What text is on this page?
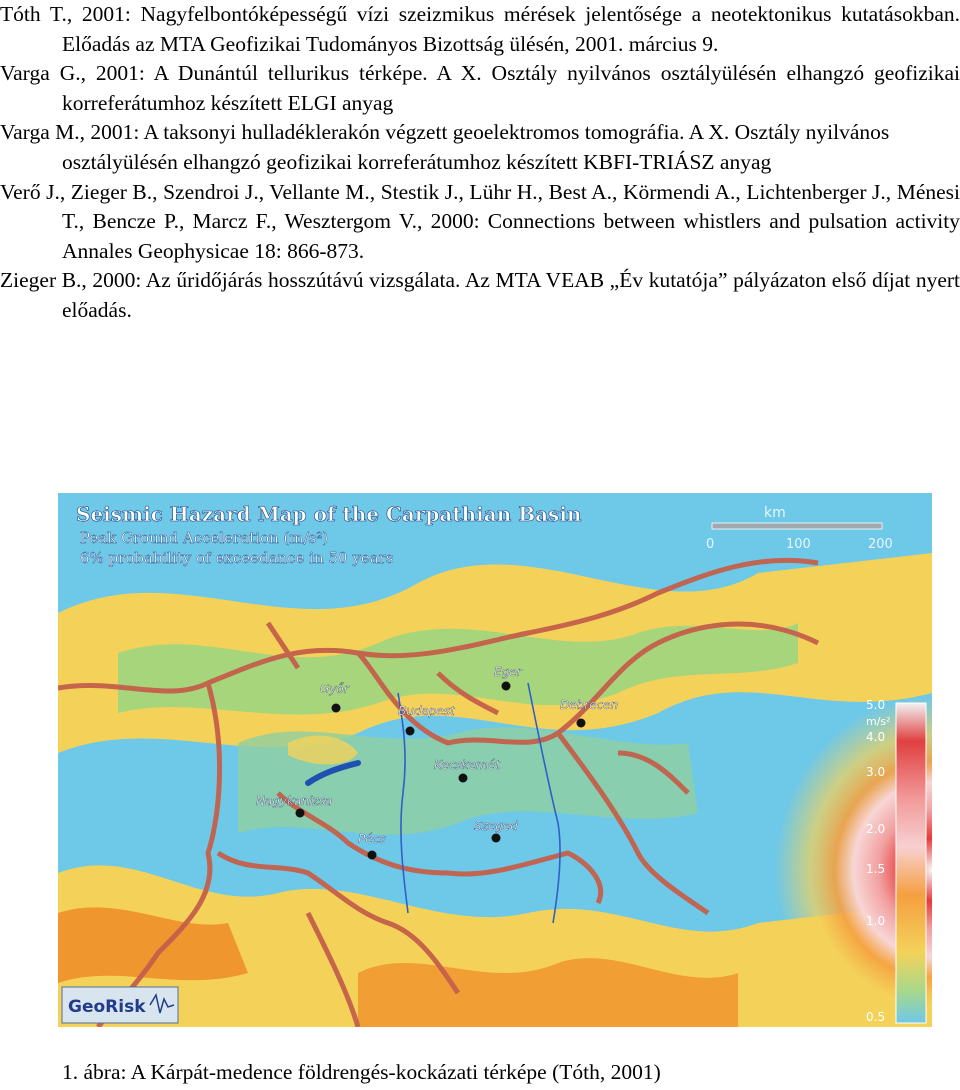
Tóth T., 2001: Nagyfelbontóképességű vízi szeizmikus mérések jelentősége a neotektonikus kutatásokban. Előadás az MTA Geofizikai Tudományos Bizottság ülésén, 2001. március 9.

Varga G., 2001: A Dunántúl tellurikus térképe. A X. Osztály nyilvános osztályülésén elhangzó geofizikai korreferátumhoz készített ELGI anyag

Varga M., 2001: A taksonyi hulladéklerakón végzett geoelektromos tomográfia. A X. Osztály nyilvános osztályülésén elhangzó geofizikai korreferátumhoz készített KBFI-TRIÁSZ anyag

Verő J., Zieger B., Szendroi J., Vellante M., Stestik J., Lühr H., Best A., Körmendi A., Lichtenberger J., Ménesi T., Bencze P., Marcz F., Wesztergom V., 2000: Connections between whistlers and pulsation activity Annales Geophysicae 18: 866-873.

Zieger B., 2000: Az űridőjárás hosszútávú vizsgálata. Az MTA VEAB „Év kutatója” pályázaton első díjat nyert előadás.

Seismic Hazard Map of the Carpathian Basin
Peak Ground Acceleration (m/s²)
6% probability of exceedance in 50 years
km
0	100	200
m/s²
5.0
4.0
3.0
2.0
1.5
1.0
0.5
Győr
Budapest
Eger
Debrecen
Kecskemét
Nagykanizsa
Pécs
Szeged
GeoRisk

1. ábra: A Kárpát-medence földrengés-kockázati térképe (Tóth, 2001)
